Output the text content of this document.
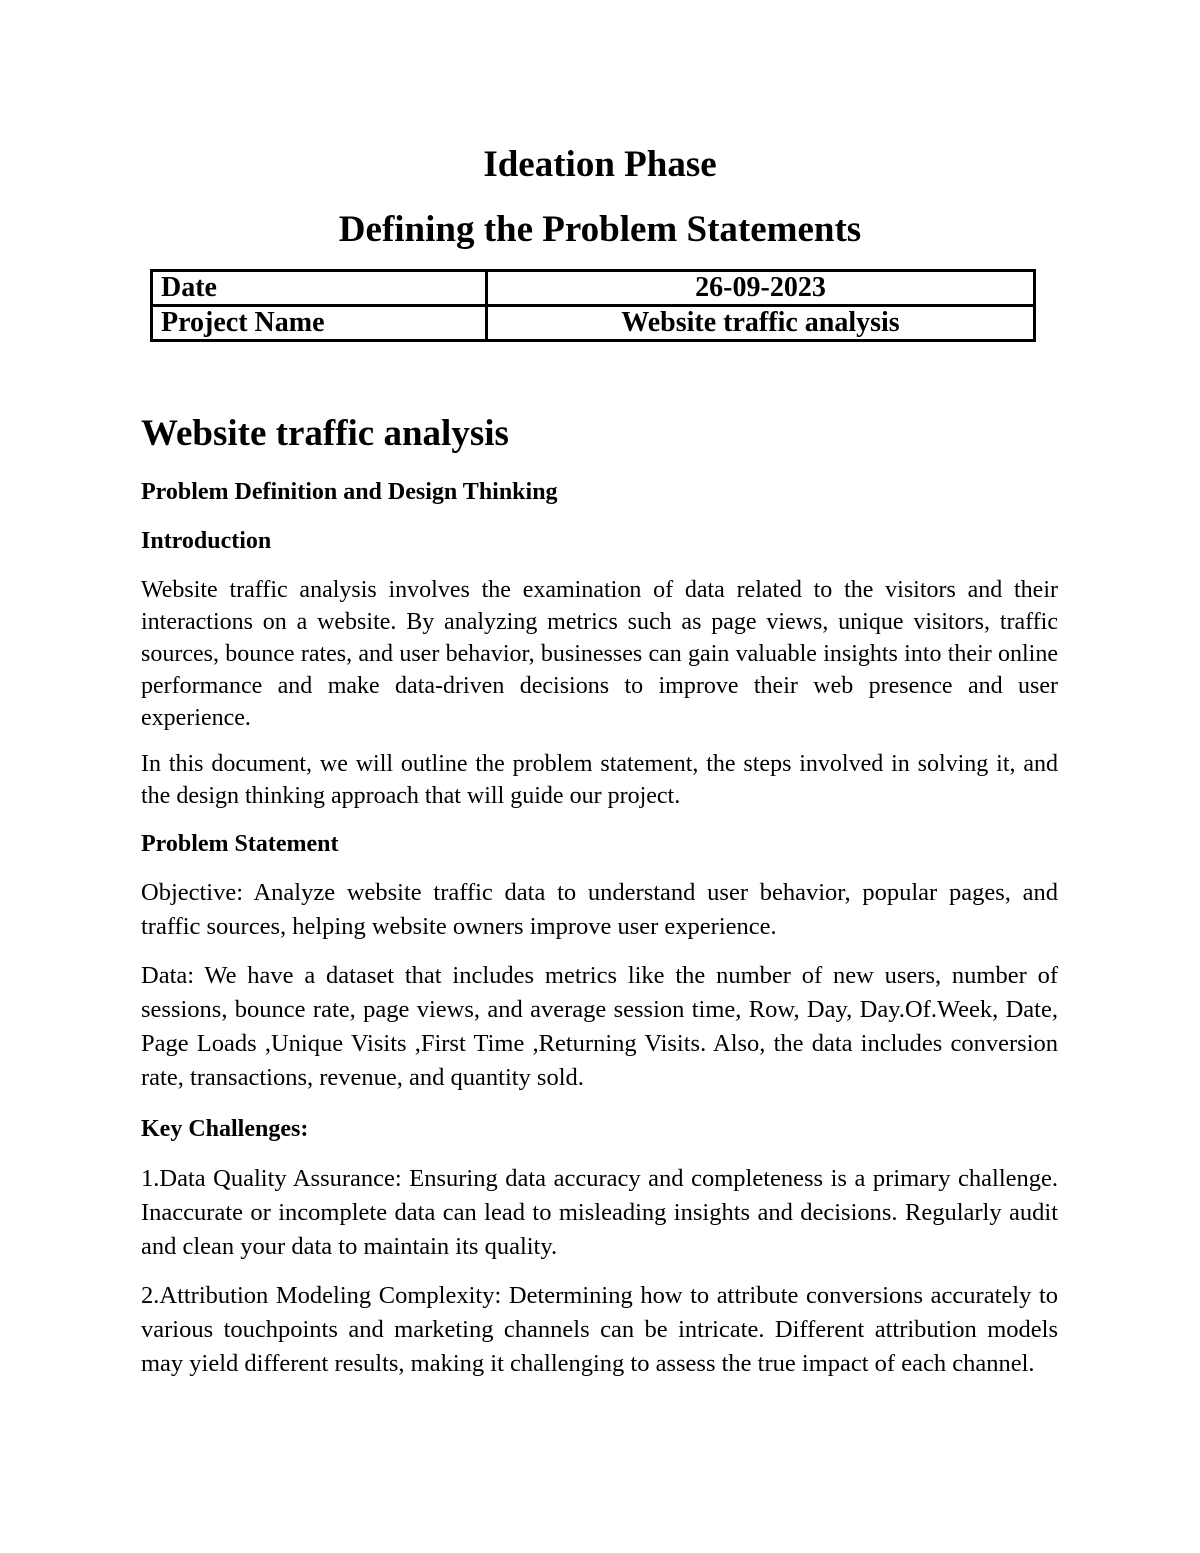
Ideation Phase
Defining the Problem Statements
Date	26-09-2023
Project Name	Website traffic analysis
Website traffic analysis
Problem Definition and Design Thinking
Introduction
Website traffic analysis involves the examination of data related to the visitors and their interactions on a website. By analyzing metrics such as page views, unique visitors, traffic sources, bounce rates, and user behavior, businesses can gain valuable insights into their online performance and make data-driven decisions to improve their web presence and user experience.
In this document, we will outline the problem statement, the steps involved in solving it, and the design thinking approach that will guide our project.
Problem Statement
Objective: Analyze website traffic data to understand user behavior, popular pages, and traffic sources, helping website owners improve user experience.
Data: We have a dataset that includes metrics like the number of new users, number of sessions, bounce rate, page views, and average session time, Row, Day, Day.Of.Week, Date, Page Loads ,Unique Visits ,First Time ,Returning Visits. Also, the data includes conversion rate, transactions, revenue, and quantity sold.
Key Challenges:
1.Data Quality Assurance: Ensuring data accuracy and completeness is a primary challenge. Inaccurate or incomplete data can lead to misleading insights and decisions. Regularly audit and clean your data to maintain its quality.
2.Attribution Modeling Complexity: Determining how to attribute conversions accurately to various touchpoints and marketing channels can be intricate. Different attribution models may yield different results, making it challenging to assess the true impact of each channel.
